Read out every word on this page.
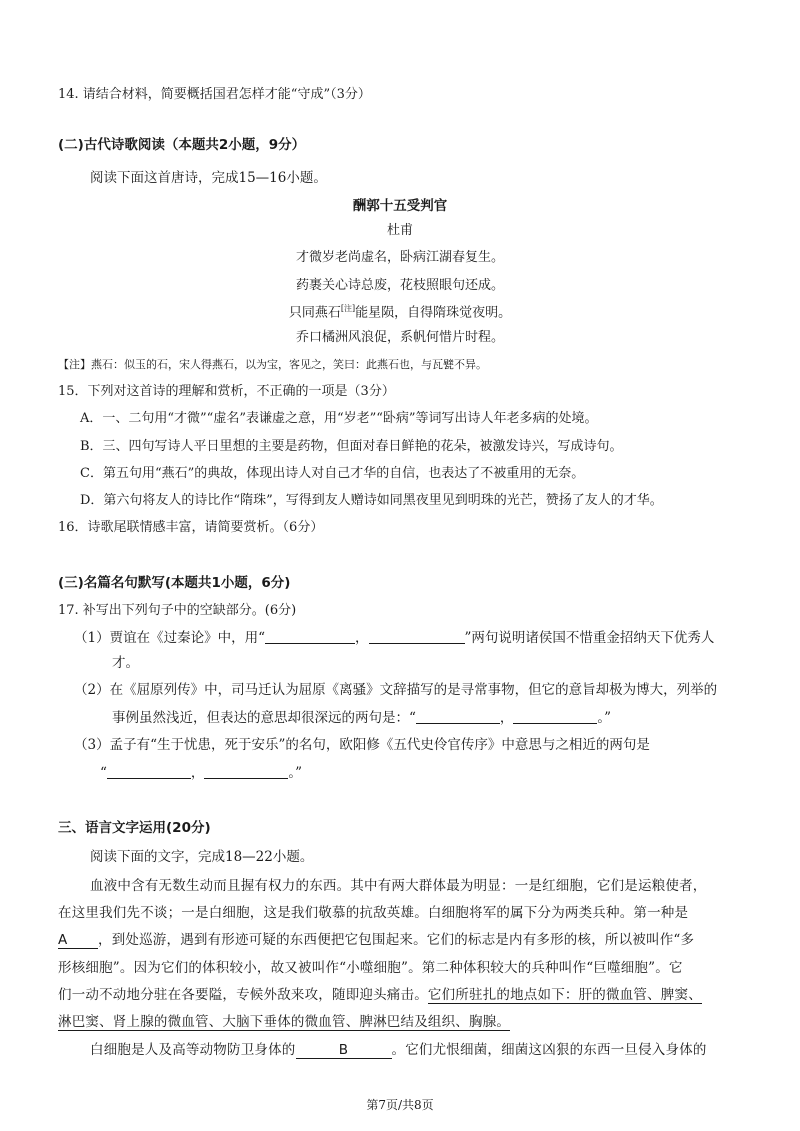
14. 请结合材料，简要概括国君怎样才能“守成”（3分）
(二)古代诗歌阅读（本题共2小题，9分）
阅读下面这首唐诗，完成15—16小题。
酬郭十五受判官
杜甫
才微岁老尚虚名，卧病江湖春复生。
药裹关心诗总废，花枝照眼句还成。
只同燕石[注]能星陨，自得隋珠觉夜明。
乔口橘洲风浪促，系帆何惜片时程。
【注】燕石：似玉的石，宋人得燕石，以为宝，客见之，笑曰：此燕石也，与瓦甓不异。
15．下列对这首诗的理解和赏析，不正确的一项是（3分）
A．一、二句用“才微”“虚名”表谦虚之意，用“岁老”“卧病”等词写出诗人年老多病的处境。
B．三、四句写诗人平日里想的主要是药物，但面对春日鲜艳的花朵，被激发诗兴，写成诗句。
C．第五句用“燕石”的典故，体现出诗人对自己才华的自信，也表达了不被重用的无奈。
D．第六句将友人的诗比作“隋珠”，写得到友人赠诗如同黑夜里见到明珠的光芒，赞扬了友人的才华。
16．诗歌尾联情感丰富，请简要赏析。（6分）
(三)名篇名句默写(本题共1小题，6分)
17. 补写出下列句子中的空缺部分。(6分)
（1）贾谊在《过秦论》中，用“	，	”两句说明诸侯国不惜重金招纳天下优秀人
才。
（2）在《屈原列传》中，司马迁认为屈原《离骚》文辞描写的是寻常事物，但它的意旨却极为博大，列举的
事例虽然浅近，但表达的意思却很深远的两句是：“	，	。”
（3）孟子有“生于忧患，死于安乐”的名句，欧阳修《五代史伶官传序》中意思与之相近的两句是
“	，	。”
三、语言文字运用(20分)
阅读下面的文字，完成18—22小题。
血液中含有无数生动而且握有权力的东西。其中有两大群体最为明显：一是红细胞，它们是运粮使者，
在这里我们先不谈；一是白细胞，这是我们敬慕的抗敌英雄。白细胞将军的属下分为两类兵种。第一种是
A ，到处巡游，遇到有形迹可疑的东西便把它包围起来。它们的标志是内有多形的核，所以被叫作“多
形核细胞”。因为它们的体积较小，故又被叫作“小噬细胞”。第二种体积较大的兵种叫作“巨噬细胞”。它
们一动不动地分驻在各要隘，专候外敌来攻，随即迎头痛击。它们所驻扎的地点如下：肝的微血管、脾窦、
淋巴窦、肾上腺的微血管、大脑下垂体的微血管、脾淋巴结及组织、胸腺。
白细胞是人及高等动物防卫身体的	B	。它们尤恨细菌，细菌这凶狠的东西一旦侵入身体的
第7页/共8页
